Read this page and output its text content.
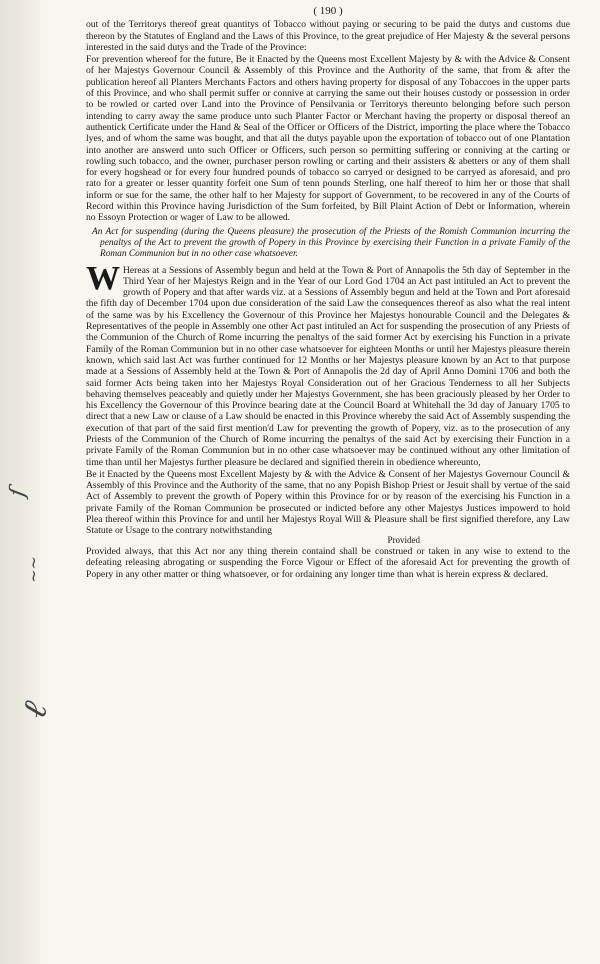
ſ
~~
ℓ
( 190 )

out of the Territorys thereof great quantitys of Tobacco without paying or securing to be paid the dutys and customs due thereon by the Statutes of England and the Laws of this Province, to the great prejudice of Her Majesty & the several persons interested in the said dutys and the Trade of the Province:

For prevention whereof for the future, Be it Enacted by the Queens most Excellent Majesty by & with the Advice & Consent of her Majestys Governour Council & Assembly of this Province and the Authority of the same, that from & after the publication hereof all Planters Merchants Factors and others having property for disposal of any Tobaccoes in the upper parts of this Province, and who shall permit suffer or connive at carrying the same out their houses custody or possession in order to be rowled or carted over Land into the Province of Pensilvania or Territorys thereunto belonging before such person intending to carry away the same produce unto such Planter Factor or Merchant having the property or disposal thereof an authentick Certificate under the Hand & Seal of the Officer or Officers of the District, importing the place where the Tobacco lyes, and of whom the same was bought, and that all the dutys payable upon the exportation of tobacco out of one Plantation into another are answerd unto such Officer or Officers, such person so permitting suffering or conniving at the carting or rowling such tobacco, and the owner, purchaser person rowling or carting and their assisters & abetters or any of them shall for every hogshead or for every four hundred pounds of tobacco so carryed or designed to be carryed as aforesaid, and pro rato for a greater or lesser quantity forfeit one Sum of tenn pounds Sterling, one half thereof to him her or those that shall inform or sue for the same, the other half to her Majesty for support of Government, to be recovered in any of the Courts of Record within this Province having Jurisdiction of the Sum forfeited, by Bill Plaint Action of Debt or Information, wherein no Essoyn Protection or wager of Law to be allowed.

An Act for suspending (during the Queens pleasure) the prosecution of the Priests of the Romish Communion incurring the penaltys of the Act to prevent the growth of Popery in this Province by exercising their Function in a private Family of the Roman Communion but in no other case whatsoever.

W Hereas at a Sessions of Assembly begun and held at the Town & Port of Annapolis the 5th day of September in the Third Year of her Majestys Reign and in the Year of our Lord God 1704 an Act past intituled an Act to prevent the growth of Popery and that after wards viz. at a Sessions of Assembly begun and held at the Town and Port aforesaid the fifth day of December 1704 upon due consideration of the said Law the consequences thereof as also what the real intent of the same was by his Excellency the Governour of this Province her Majestys honourable Council and the Delegates & Representatives of the people in Assembly one other Act past intituled an Act for suspending the prosecution of any Priests of the Communion of the Church of Rome incurring the penaltys of the said former Act by exercising his Function in a private Family of the Roman Communion but in no other case whatsoever for eighteen Months or until her Majestys pleasure therein known, which said last Act was further continued for 12 Months or her Majestys pleasure known by an Act to that purpose made at a Sessions of Assembly held at the Town & Port of Annapolis the 2d day of April Anno Domini 1706 and both the said former Acts being taken into her Majestys Royal Consideration out of her Gracious Tenderness to all her Subjects behaving themselves peaceably and quietly under her Majestys Government, she has been graciously pleased by her Order to his Excellency the Governour of this Province bearing date at the Council Board at Whitehall the 3d day of January 1705 to direct that a new Law or clause of a Law should be enacted in this Province whereby the said Act of Assembly suspending the execution of that part of the said first mention'd Law for preventing the growth of Popery, viz. as to the prosecution of any Priests of the Communion of the Church of Rome incurring the penaltys of the said Act by exercising their Function in a private Family of the Roman Communion but in no other case whatsoever may be continued without any other limitation of time than until her Majestys further pleasure be declared and signified therein in obedience whereunto,

Be it Enacted by the Queens most Excellent Majesty by & with the Advice & Consent of her Majestys Governour Council & Assembly of this Province and the Authority of the same, that no any Popish Bishop Priest or Jesuit shall by vertue of the said Act of Assembly to prevent the growth of Popery within this Province for or by reason of the exercising his Function in a private Family of the Roman Communion be prosecuted or indicted before any other Majestys Justices impowerd to hold Plea thereof within this Province for and until her Majestys Royal Will & Pleasure shall be first signified therefore, any Law Statute or Usage to the contrary notwithstanding

Provided

Provided always, that this Act nor any thing therein containd shall be construed or taken in any wise to extend to the defeating releasing abrogating or suspending the Force Vigour or Effect of the aforesaid Act for preventing the growth of Popery in any other matter or thing whatsoever, or for ordaining any longer time than what is herein express & declared.
